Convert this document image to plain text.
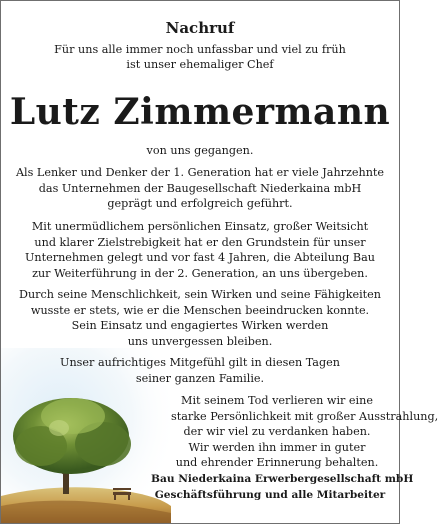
Nachruf
Für uns alle immer noch unfassbar und viel zu früh
ist unser ehemaliger Chef
Lutz Zimmermann
von uns gegangen.
Als Lenker und Denker der 1. Generation hat er viele Jahrzehnte
das Unternehmen der Baugesellschaft Niederkaina mbH
geprägt und erfolgreich geführt.
Mit unermüdlichem persönlichen Einsatz, großer Weitsicht
und klarer Zielstrebigkeit hat er den Grundstein für unser
Unternehmen gelegt und vor fast 4 Jahren, die Abteilung Bau
zur Weiterführung in der 2. Generation, an uns übergeben.
Durch seine Menschlichkeit, sein Wirken und seine Fähigkeiten
wusste er stets, wie er die Menschen beeindrucken konnte.
Sein Einsatz und engagiertes Wirken werden
uns unvergessen bleiben.
Unser aufrichtiges Mitgefühl gilt in diesen Tagen
seiner ganzen Familie.
Mit seinem Tod verlieren wir eine
starke Persönlichkeit mit großer Ausstrahlung,
der wir viel zu verdanken haben.
Wir werden ihn immer in guter
und ehrender Erinnerung behalten.
Bau Niederkaina Erwerbergesellschaft mbH
Geschäftsführung und alle Mitarbeiter
